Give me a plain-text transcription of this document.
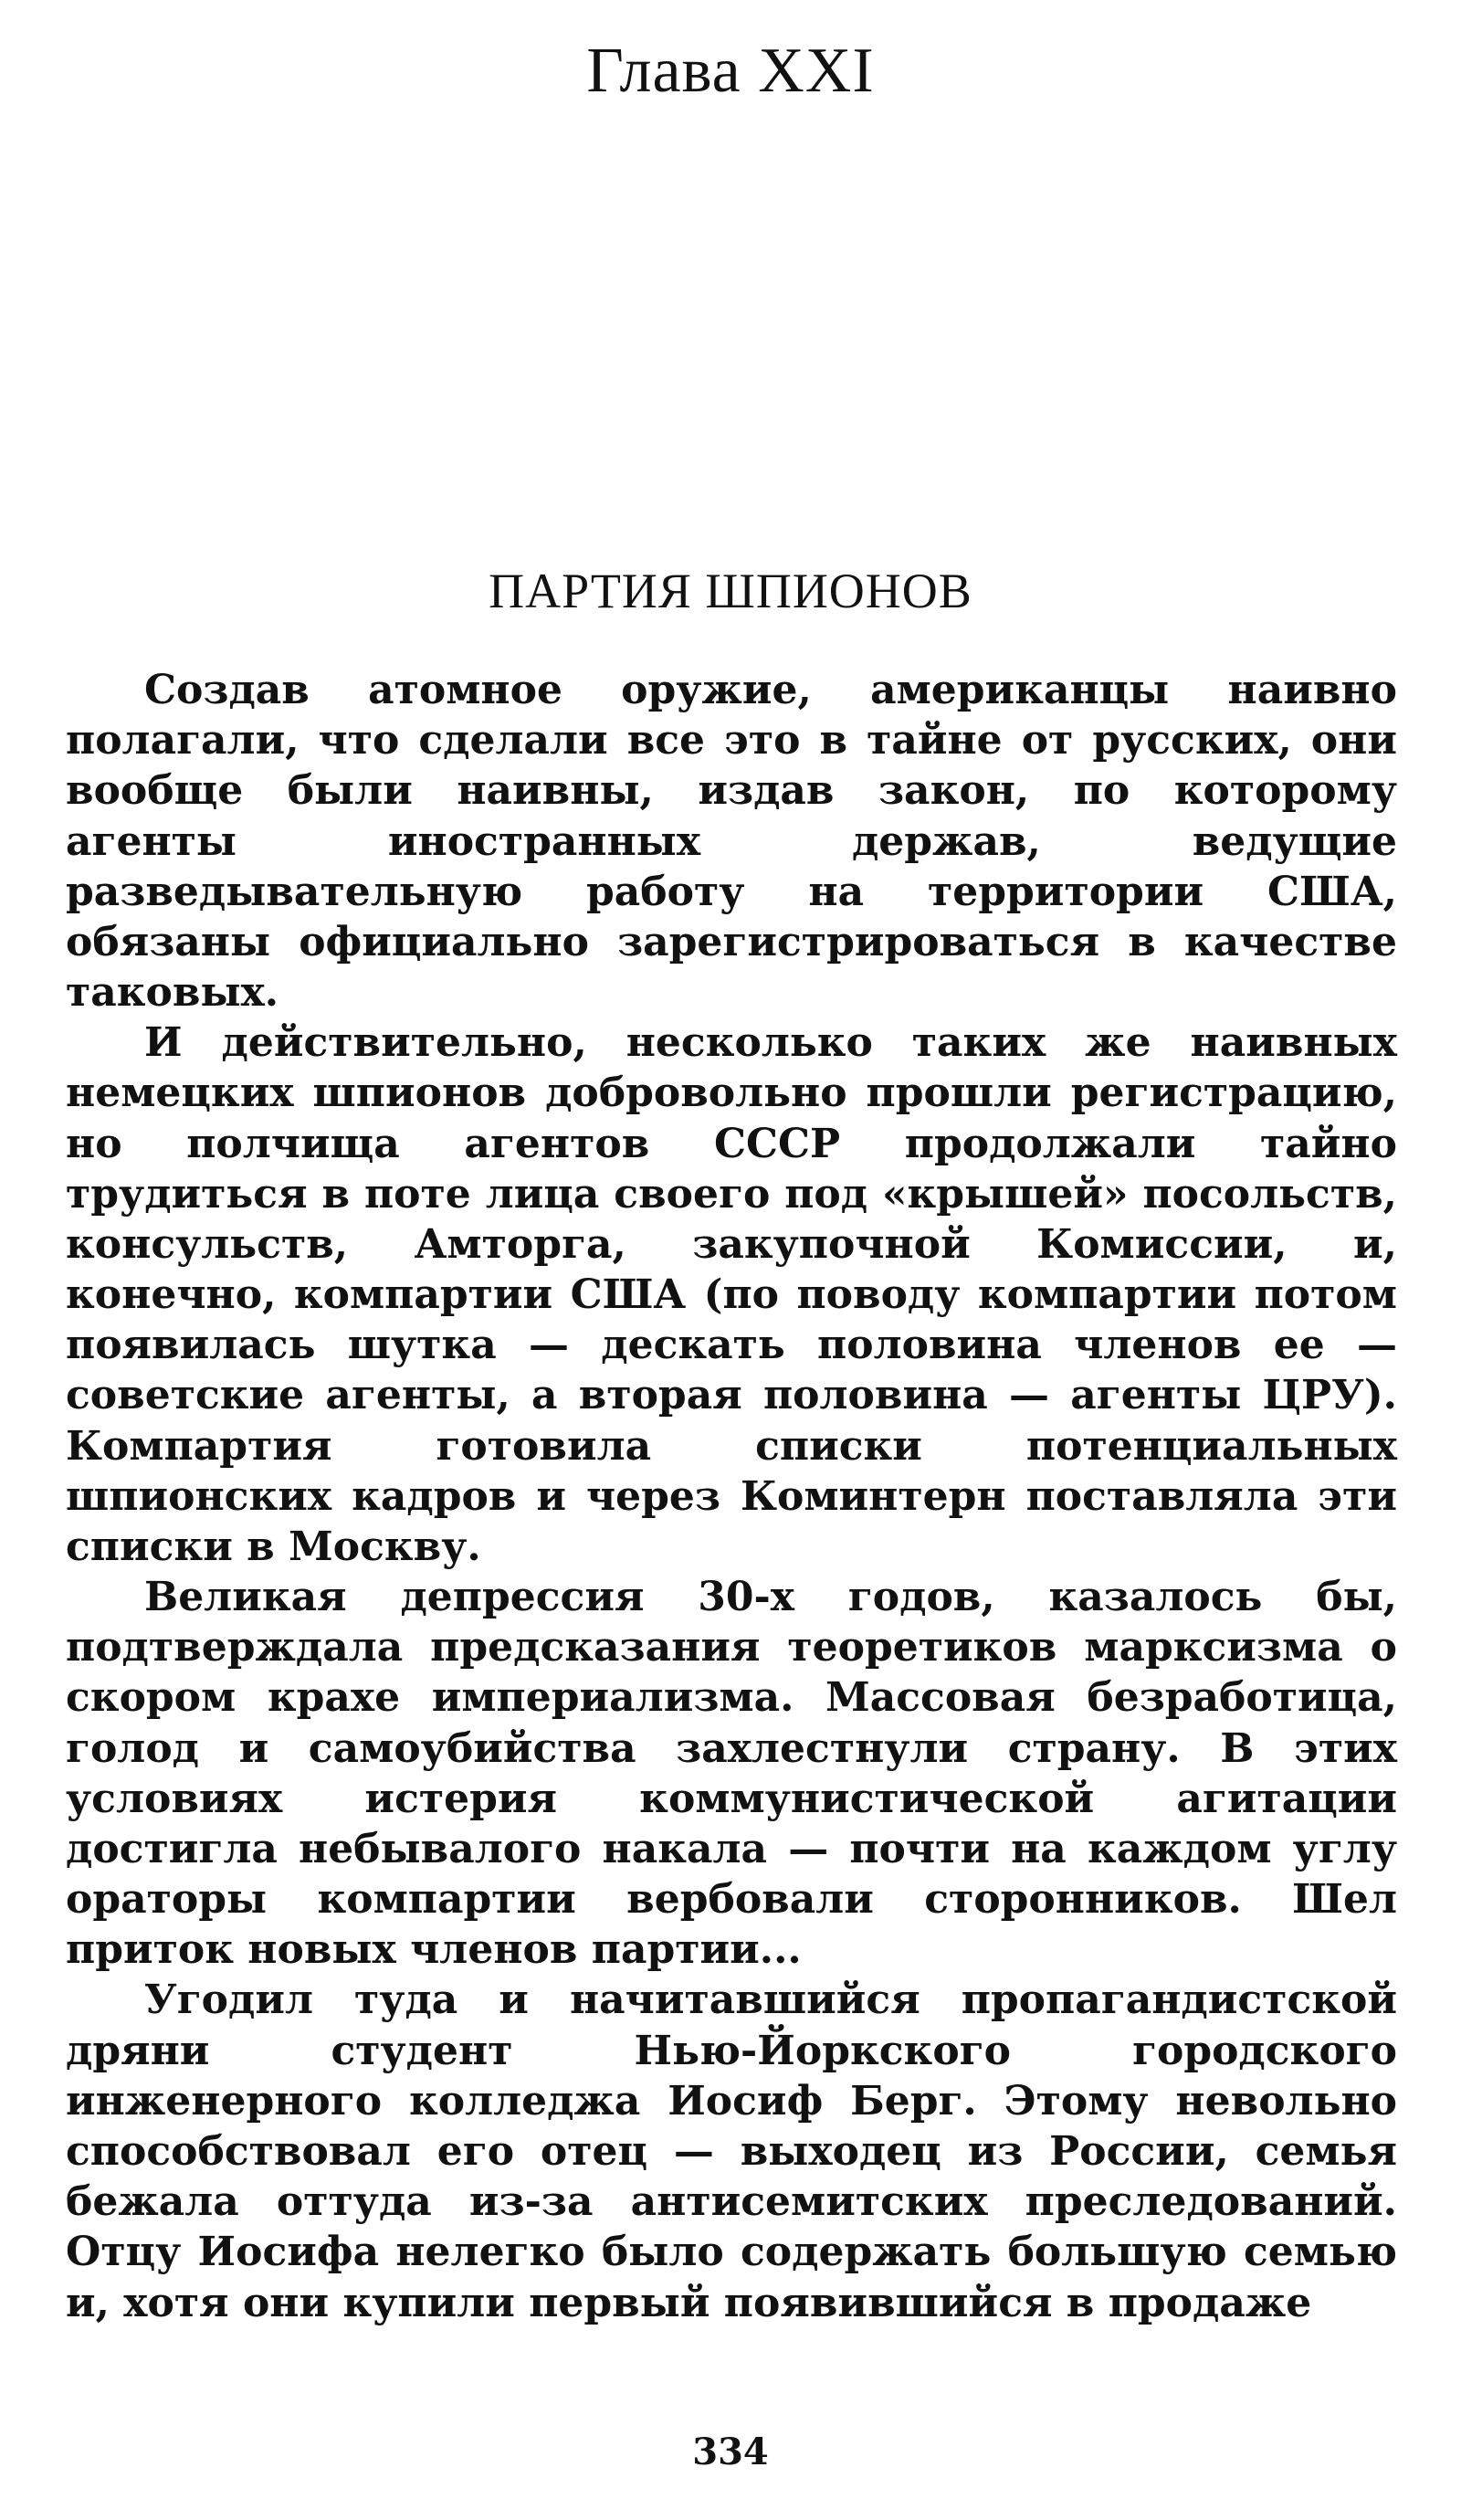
Глава XXI
ПАРТИЯ ШПИОНОВ

Создав атомное оружие, американцы наивно полагали, что сделали все это в тайне от русских, они вообще были наивны, издав закон, по которому агенты иностранных держав, ведущие разведывательную работу на территории США, обязаны официально зарегистрироваться в качестве таковых.

И действительно, несколько таких же наивных немецких шпионов добровольно прошли регистрацию, но полчища агентов СССР продолжали тайно трудиться в поте лица своего под «крышей» посольств, консульств, Амторга, закупочной Комиссии, и, конечно, компартии США (по поводу компартии потом появилась шутка — дескать половина членов ее — советские агенты, а вторая половина — агенты ЦРУ). Компартия готовила списки потенциальных шпионских кадров и через Коминтерн поставляла эти списки в Москву.

Великая депрессия 30-х годов, казалось бы, подтверждала предсказания теоретиков марксизма о скором крахе империализма. Массовая безработица, голод и самоубийства захлестнули страну. В этих условиях истерия коммунистической агитации достигла небывалого накала — почти на каждом углу ораторы компартии вербовали сторонников. Шел приток новых членов партии...

Угодил туда и начитавшийся пропагандистской дряни студент Нью-Йоркского городского инженерного колледжа Иосиф Берг. Этому невольно способствовал его отец — выходец из России, семья бежала оттуда из-за антисемитских преследований. Отцу Иосифа нелегко было содержать большую семью и, хотя они купили первый появившийся в продаже

334
